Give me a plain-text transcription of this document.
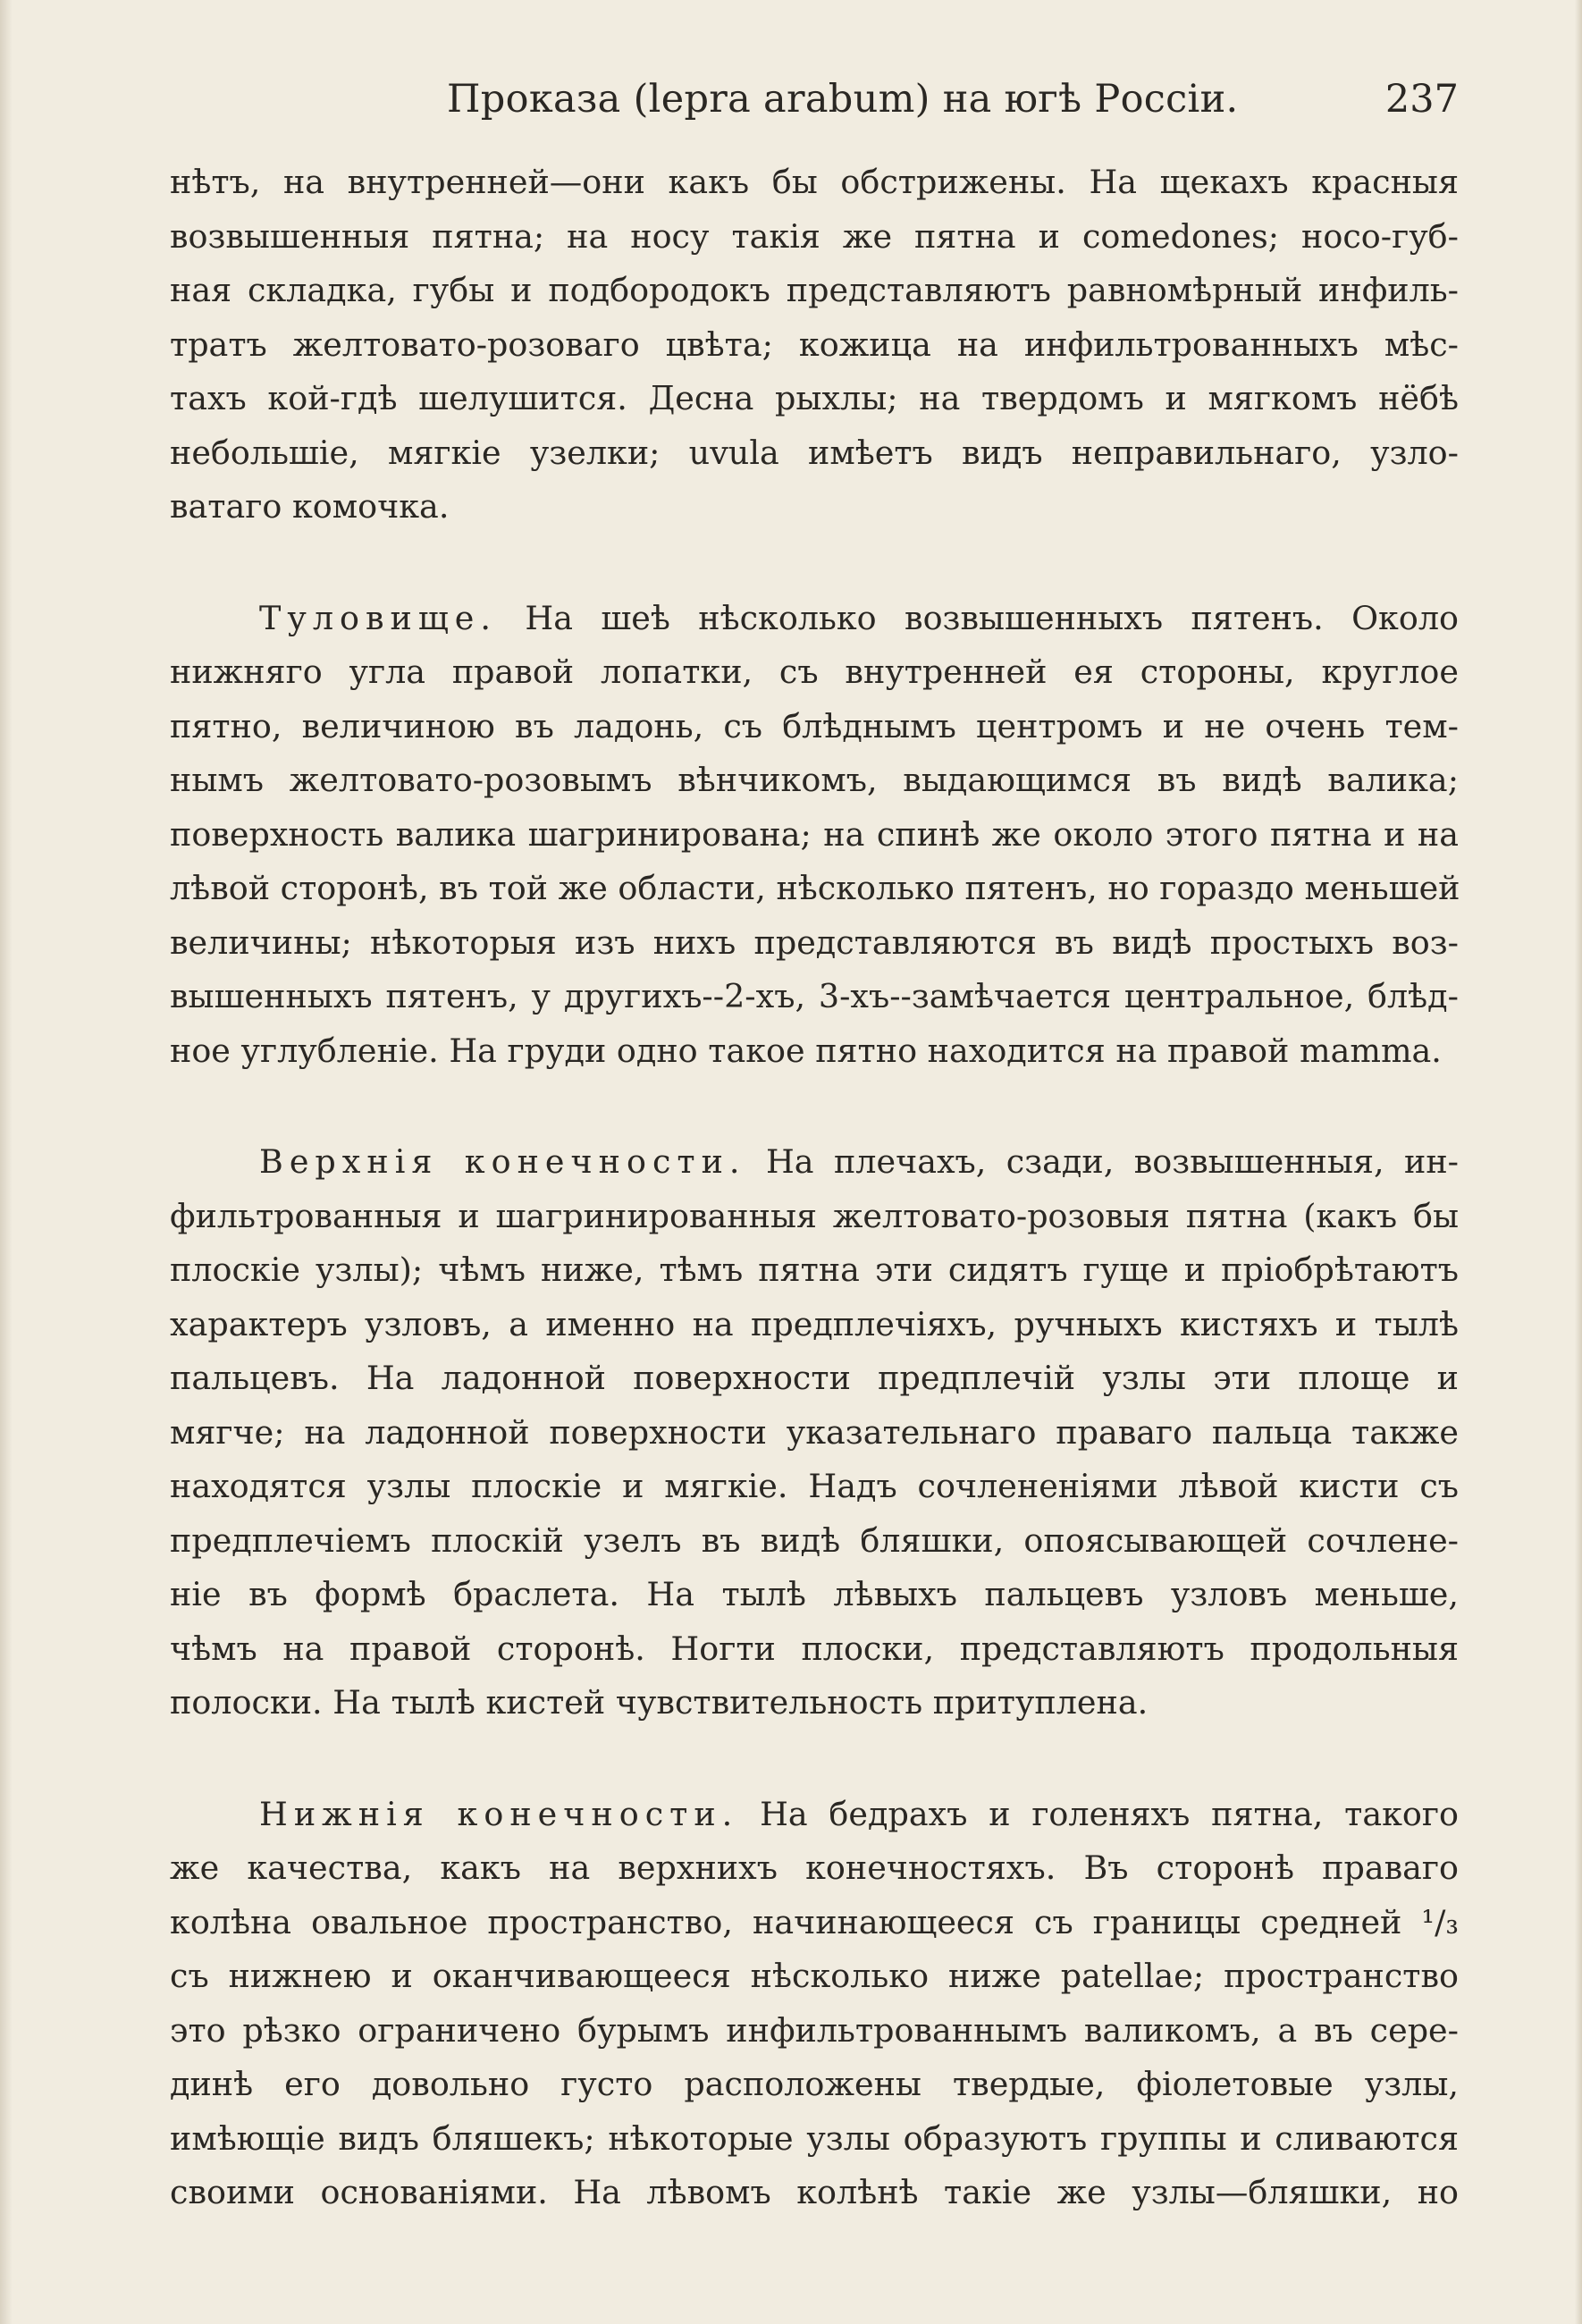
Проказа (lepra arabum) на югѣ Россіи.	237
нѣтъ, на внутренней—они какъ бы обстрижены. На щекахъ красныя
возвышенныя пятна; на носу такія же пятна и comedones; носо-губ-
ная складка, губы и подбородокъ представляютъ равномѣрный инфиль-
тратъ желтовато-розоваго цвѣта; кожица на инфильтрованныхъ мѣс-
тахъ кой-гдѣ шелушится. Десна рыхлы; на твердомъ и мягкомъ нёбѣ
небольшіе, мягкіе узелки; uvula имѣетъ видъ неправильнаго, узло-
ватаго комочка.
Туловище. На шеѣ нѣсколько возвышенныхъ пятенъ. Около
нижняго угла правой лопатки, съ внутренней ея стороны, круглое
пятно, величиною въ ладонь, съ блѣднымъ центромъ и не очень тем-
нымъ желтовато-розовымъ вѣнчикомъ, выдающимся въ видѣ валика;
поверхность валика шагринирована; на спинѣ же около этого пятна и на
лѣвой сторонѣ, въ той же области, нѣсколько пятенъ, но гораздо меньшей
величины; нѣкоторыя изъ нихъ представляются въ видѣ простыхъ воз-
вышенныхъ пятенъ, у другихъ--2-хъ, 3-хъ--замѣчается центральное, блѣд-
ное углубленіе. На груди одно такое пятно находится на правой mamma.
Верхнія конечности. На плечахъ, сзади, возвышенныя, ин-
фильтрованныя и шагринированныя желтовато-розовыя пятна (какъ бы
плоскіе узлы); чѣмъ ниже, тѣмъ пятна эти сидятъ гуще и пріобрѣтаютъ
характеръ узловъ, а именно на предплечіяхъ, ручныхъ кистяхъ и тылѣ
пальцевъ. На ладонной поверхности предплечій узлы эти площе и
мягче; на ладонной поверхности указательнаго праваго пальца также
находятся узлы плоскіе и мягкіе. Надъ сочлененіями лѣвой кисти съ
предплечіемъ плоскій узелъ въ видѣ бляшки, опоясывающей сочлене-
ніе въ формѣ браслета. На тылѣ лѣвыхъ пальцевъ узловъ меньше,
чѣмъ на правой сторонѣ. Ногти плоски, представляютъ продольныя
полоски. На тылѣ кистей чувствительность притуплена.
Нижнія конечности. На бедрахъ и голеняхъ пятна, такого
же качества, какъ на верхнихъ конечностяхъ. Въ сторонѣ праваго
колѣна овальное пространство, начинающееся съ границы средней ¹/₃
съ нижнею и оканчивающееся нѣсколько ниже patellae; пространство
это рѣзко ограничено бурымъ инфильтрованнымъ валикомъ, а въ сере-
динѣ его довольно густо расположены твердые, фіолетовые узлы,
имѣющіе видъ бляшекъ; нѣкоторые узлы образуютъ группы и сливаются
своими основаніями. На лѣвомъ колѣнѣ такіе же узлы—бляшки, но
